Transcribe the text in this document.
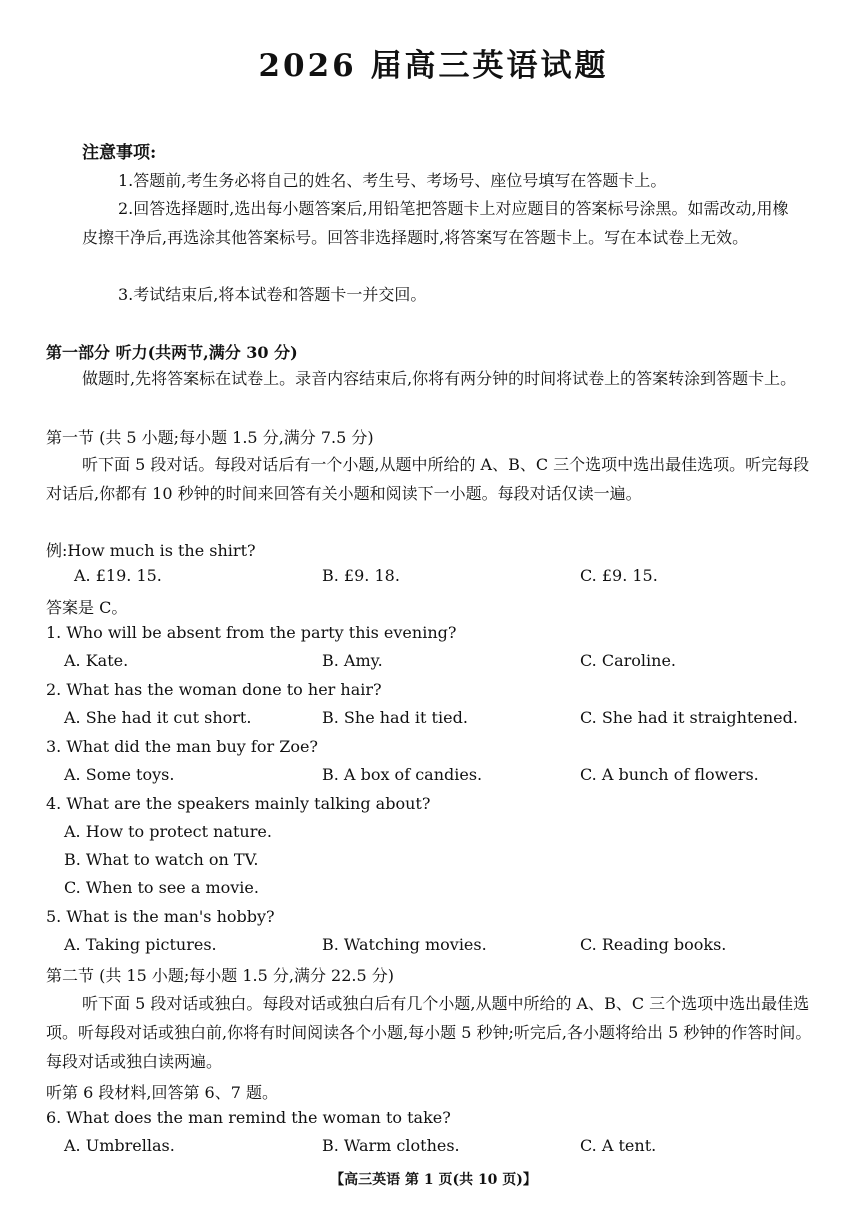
2026 届高三英语试题
注意事项:
1.答题前,考生务必将自己的姓名、考生号、考场号、座位号填写在答题卡上。
2.回答选择题时,选出每小题答案后,用铅笔把答题卡上对应题目的答案标号涂黑。如需改动,用橡皮擦干净后,再选涂其他答案标号。回答非选择题时,将答案写在答题卡上。写在本试卷上无效。
3.考试结束后,将本试卷和答题卡一并交回。
第一部分 听力(共两节,满分 30 分)
做题时,先将答案标在试卷上。录音内容结束后,你将有两分钟的时间将试卷上的答案转涂到答题卡上。
第一节 (共 5 小题;每小题 1.5 分,满分 7.5 分)
听下面 5 段对话。每段对话后有一个小题,从题中所给的 A、B、C 三个选项中选出最佳选项。听完每段对话后,你都有 10 秒钟的时间来回答有关小题和阅读下一小题。每段对话仅读一遍。
例:How much is the shirt?
A. £19. 15.	B. £9. 18.	C. £9. 15.
答案是 C。
1. Who will be absent from the party this evening?
A. Kate.	B. Amy.	C. Caroline.
2. What has the woman done to her hair?
A. She had it cut short.	B. She had it tied.	C. She had it straightened.
3. What did the man buy for Zoe?
A. Some toys.	B. A box of candies.	C. A bunch of flowers.
4. What are the speakers mainly talking about?
A. How to protect nature.
B. What to watch on TV.
C. When to see a movie.
5. What is the man's hobby?
A. Taking pictures.	B. Watching movies.	C. Reading books.
第二节 (共 15 小题;每小题 1.5 分,满分 22.5 分)
听下面 5 段对话或独白。每段对话或独白后有几个小题,从题中所给的 A、B、C 三个选项中选出最佳选项。听每段对话或独白前,你将有时间阅读各个小题,每小题 5 秒钟;听完后,各小题将给出 5 秒钟的作答时间。每段对话或独白读两遍。
听第 6 段材料,回答第 6、7 题。
6. What does the man remind the woman to take?
A. Umbrellas.	B. Warm clothes.	C. A tent.
【高三英语 第 1 页(共 10 页)】
